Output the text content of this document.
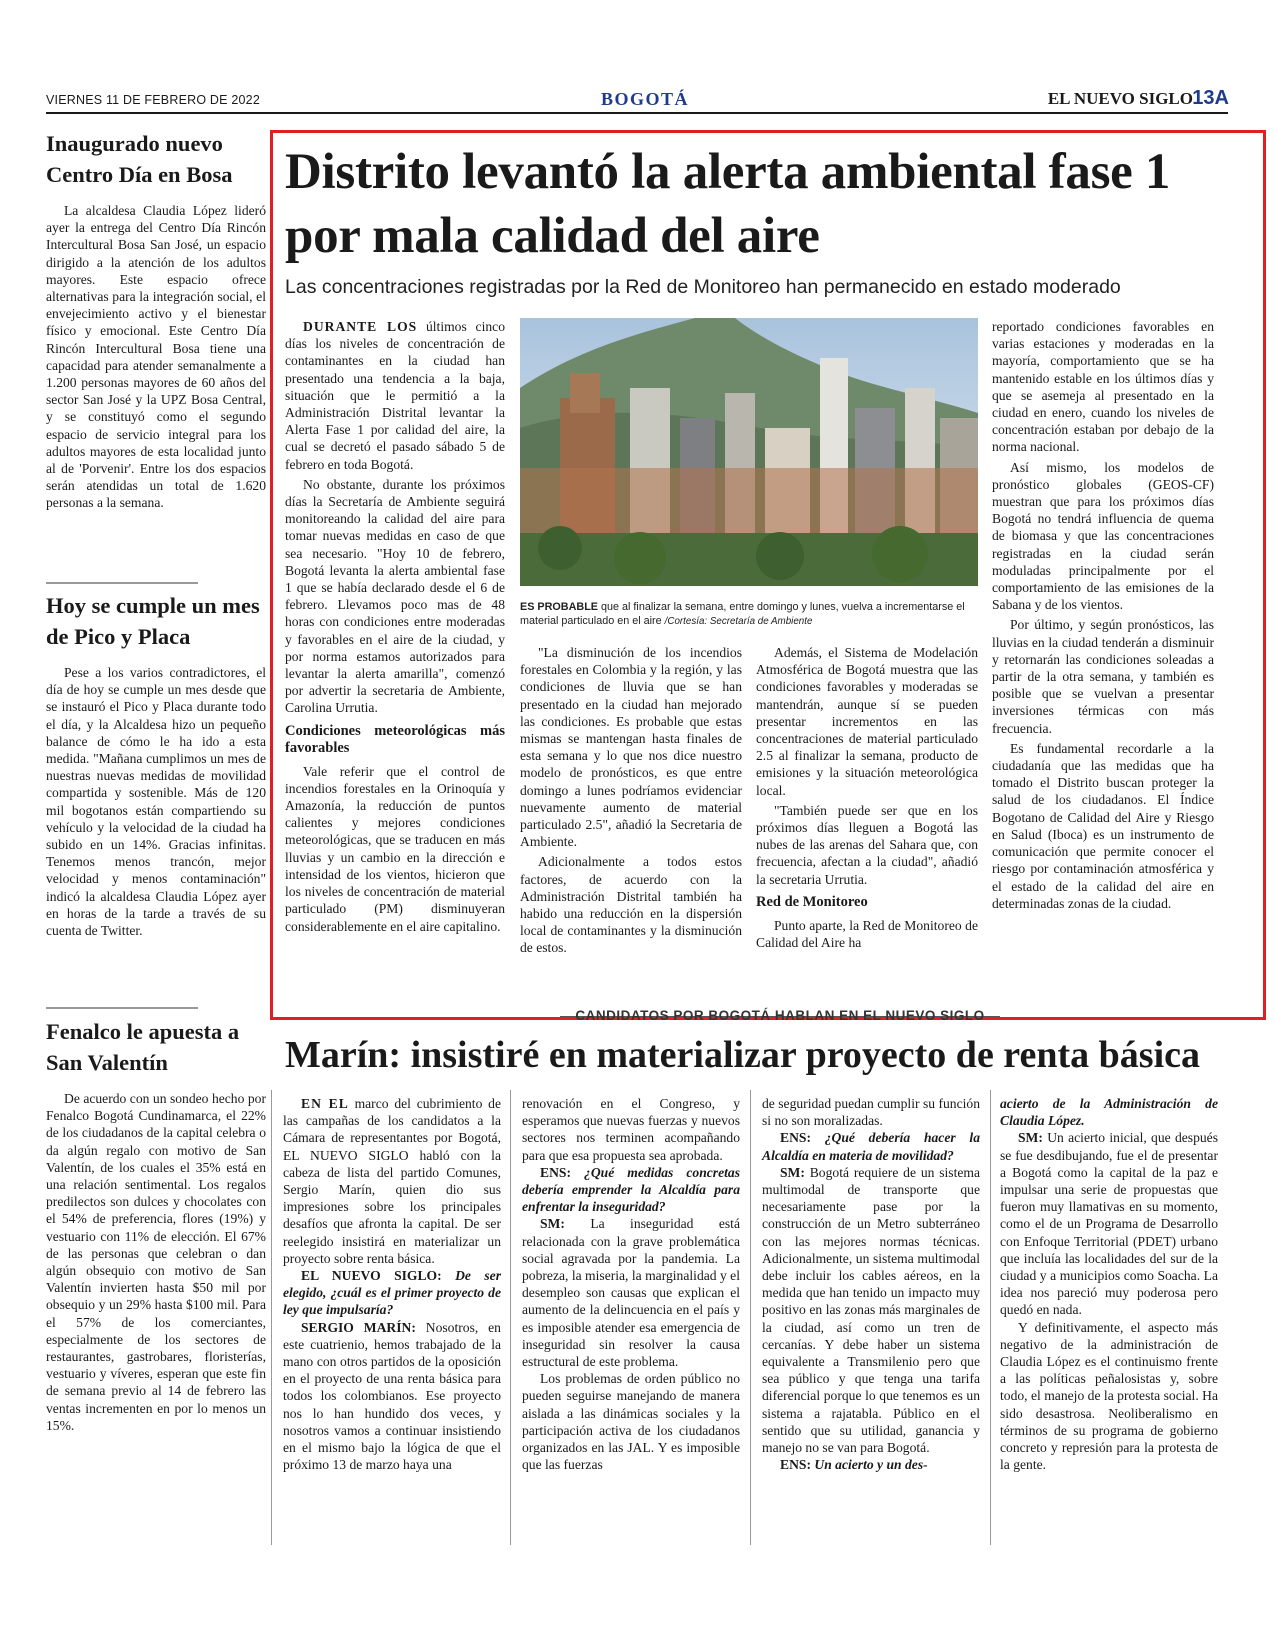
VIERNES 11 DE FEBRERO DE 2022	BOGOTÁ	EL NUEVO SIGLO 13A
Inaugurado nuevo Centro Día en Bosa

La alcaldesa Claudia López lideró ayer la entrega del Centro Día Rincón Intercultural Bosa San José, un espacio dirigido a la atención de los adultos mayores. Este espacio ofrece alternativas para la integración social, el envejecimiento activo y el bienestar físico y emocional. Este Centro Día Rincón Intercultural Bosa tiene una capacidad para atender semanalmente a 1.200 personas mayores de 60 años del sector San José y la UPZ Bosa Central, y se constituyó como el segundo espacio de servicio integral para los adultos mayores de esta localidad junto al de 'Porvenir'. Entre los dos espacios serán atendidas un total de 1.620 personas a la semana.

Hoy se cumple un mes de Pico y Placa

Pese a los varios contradictores, el día de hoy se cumple un mes desde que se instauró el Pico y Placa durante todo el día, y la Alcaldesa hizo un pequeño balance de cómo le ha ido a esta medida. "Mañana cumplimos un mes de nuestras nuevas medidas de movilidad compartida y sostenible. Más de 120 mil bogotanos están compartiendo su vehículo y la velocidad de la ciudad ha subido en un 14%. Gracias infinitas. Tenemos menos trancón, mejor velocidad y menos contaminación" indicó la alcaldesa Claudia López ayer en horas de la tarde a través de su cuenta de Twitter.

Fenalco le apuesta a San Valentín

De acuerdo con un sondeo hecho por Fenalco Bogotá Cundinamarca, el 22% de los ciudadanos de la capital celebra o da algún regalo con motivo de San Valentín, de los cuales el 35% está en una relación sentimental. Los regalos predilectos son dulces y chocolates con el 54% de preferencia, flores (19%) y vestuario con 11% de elección. El 67% de las personas que celebran o dan algún obsequio con motivo de San Valentín invierten hasta $50 mil por obsequio y un 29% hasta $100 mil. Para el 57% de los comerciantes, especialmente de los sectores de restaurantes, gastrobares, floristerías, vestuario y víveres, esperan que este fin de semana previo al 14 de febrero las ventas incrementen en por lo menos un 15%.

Distrito levantó la alerta ambiental fase 1 por mala calidad del aire
Las concentraciones registradas por la Red de Monitoreo han permanecido en estado moderado

DURANTE LOS últimos cinco días los niveles de concentración de contaminantes en la ciudad han presentado una tendencia a la baja, situación que le permitió a la Administración Distrital levantar la Alerta Fase 1 por calidad del aire, la cual se decretó el pasado sábado 5 de febrero en toda Bogotá.

No obstante, durante los próximos días la Secretaría de Ambiente seguirá monitoreando la calidad del aire para tomar nuevas medidas en caso de que sea necesario. "Hoy 10 de febrero, Bogotá levanta la alerta ambiental fase 1 que se había declarado desde el 6 de febrero. Llevamos poco mas de 48 horas con condiciones entre moderadas y favorables en el aire de la ciudad, y por norma estamos autorizados para levantar la alerta amarilla", comenzó por advertir la secretaria de Ambiente, Carolina Urrutia.

Condiciones meteorológicas más favorables

Vale referir que el control de incendios forestales en la Orinoquía y Amazonía, la reducción de puntos calientes y mejores condiciones meteorológicas, que se traducen en más lluvias y un cambio en la dirección e intensidad de los vientos, hicieron que los niveles de concentración de material particulado (PM) disminuyeran considerablemente en el aire capitalino.

ES PROBABLE que al finalizar la semana, entre domingo y lunes, vuelva a incrementarse el material particulado en el aire /Cortesía: Secretaría de Ambiente

"La disminución de los incendios forestales en Colombia y la región, y las condiciones de lluvia que se han presentado en la ciudad han mejorado las condiciones. Es probable que estas mismas se mantengan hasta finales de esta semana y lo que nos dice nuestro modelo de pronósticos, es que entre domingo a lunes podríamos evidenciar nuevamente aumento de material particulado 2.5", añadió la Secretaria de Ambiente.

Adicionalmente a todos estos factores, de acuerdo con la Administración Distrital también ha habido una reducción en la dispersión local de contaminantes y la disminución de estos.

Además, el Sistema de Modelación Atmosférica de Bogotá muestra que las condiciones favorables y moderadas se mantendrán, aunque sí se pueden presentar incrementos en las concentraciones de material particulado 2.5 al finalizar la semana, producto de emisiones y la situación meteorológica local.

"También puede ser que en los próximos días lleguen a Bogotá las nubes de las arenas del Sahara que, con frecuencia, afectan a la ciudad", añadió la secretaria Urrutia.

Red de Monitoreo

Punto aparte, la Red de Monitoreo de Calidad del Aire ha

reportado condiciones favorables en varias estaciones y moderadas en la mayoría, comportamiento que se ha mantenido estable en los últimos días y que se asemeja al presentado en la ciudad en enero, cuando los niveles de concentración estaban por debajo de la norma nacional.

Así mismo, los modelos de pronóstico globales (GEOS-CF) muestran que para los próximos días Bogotá no tendrá influencia de quema de biomasa y que las concentraciones registradas en la ciudad serán moduladas principalmente por el comportamiento de las emisiones de la Sabana y de los vientos.

Por último, y según pronósticos, las lluvias en la ciudad tenderán a disminuir y retornarán las condiciones soleadas a partir de la otra semana, y también es posible que se vuelvan a presentar inversiones térmicas con más frecuencia.

Es fundamental recordarle a la ciudadanía que las medidas que ha tomado el Distrito buscan proteger la salud de los ciudadanos. El Índice Bogotano de Calidad del Aire y Riesgo en Salud (Iboca) es un instrumento de comunicación que permite conocer el riesgo por contaminación atmosférica y el estado de la calidad del aire en determinadas zonas de la ciudad.

CANDIDATOS POR BOGOTÁ HABLAN EN EL NUEVO SIGLO
Marín: insistiré en materializar proyecto de renta básica

EN EL marco del cubrimiento de las campañas de los candidatos a la Cámara de representantes por Bogotá, EL NUEVO SIGLO habló con la cabeza de lista del partido Comunes, Sergio Marín, quien dio sus impresiones sobre los principales desafíos que afronta la capital. De ser reelegido insistirá en materializar un proyecto sobre renta básica.

EL NUEVO SIGLO: De ser elegido, ¿cuál es el primer proyecto de ley que impulsaría?

SERGIO MARÍN: Nosotros, en este cuatrienio, hemos trabajado de la mano con otros partidos de la oposición en el proyecto de una renta básica para todos los colombianos. Ese proyecto nos lo han hundido dos veces, y nosotros vamos a continuar insistiendo en el mismo bajo la lógica de que el próximo 13 de marzo haya una

renovación en el Congreso, y esperamos que nuevas fuerzas y nuevos sectores nos terminen acompañando para que esa propuesta sea aprobada.

ENS: ¿Qué medidas concretas debería emprender la Alcaldía para enfrentar la inseguridad?

SM: La inseguridad está relacionada con la grave problemática social agravada por la pandemia. La pobreza, la miseria, la marginalidad y el desempleo son causas que explican el aumento de la delincuencia en el país y es imposible atender esa emergencia de inseguridad sin resolver la causa estructural de este problema.

Los problemas de orden público no pueden seguirse manejando de manera aislada a las dinámicas sociales y la participación activa de los ciudadanos organizados en las JAL. Y es imposible que las fuerzas

de seguridad puedan cumplir su función si no son moralizadas.

ENS: ¿Qué debería hacer la Alcaldía en materia de movilidad?

SM: Bogotá requiere de un sistema multimodal de transporte que necesariamente pase por la construcción de un Metro subterráneo con las mejores normas técnicas. Adicionalmente, un sistema multimodal debe incluir los cables aéreos, en la medida que han tenido un impacto muy positivo en las zonas más marginales de la ciudad, así como un tren de cercanías. Y debe haber un sistema equivalente a Transmilenio pero que sea público y que tenga una tarifa diferencial porque lo que tenemos es un sistema a rajatabla. Público en el sentido que su utilidad, ganancia y manejo no se van para Bogotá.

ENS: Un acierto y un des-

acierto de la Administración de Claudia López.

SM: Un acierto inicial, que después se fue desdibujando, fue el de presentar a Bogotá como la capital de la paz e impulsar una serie de propuestas que fueron muy llamativas en su momento, como el de un Programa de Desarrollo con Enfoque Territorial (PDET) urbano que incluía las localidades del sur de la ciudad y a municipios como Soacha. La idea nos pareció muy poderosa pero quedó en nada.

Y definitivamente, el aspecto más negativo de la administración de Claudia López es el continuismo frente a las políticas peñalosistas y, sobre todo, el manejo de la protesta social. Ha sido desastrosa. Neoliberalismo en términos de su programa de gobierno concreto y represión para la protesta de la gente.
